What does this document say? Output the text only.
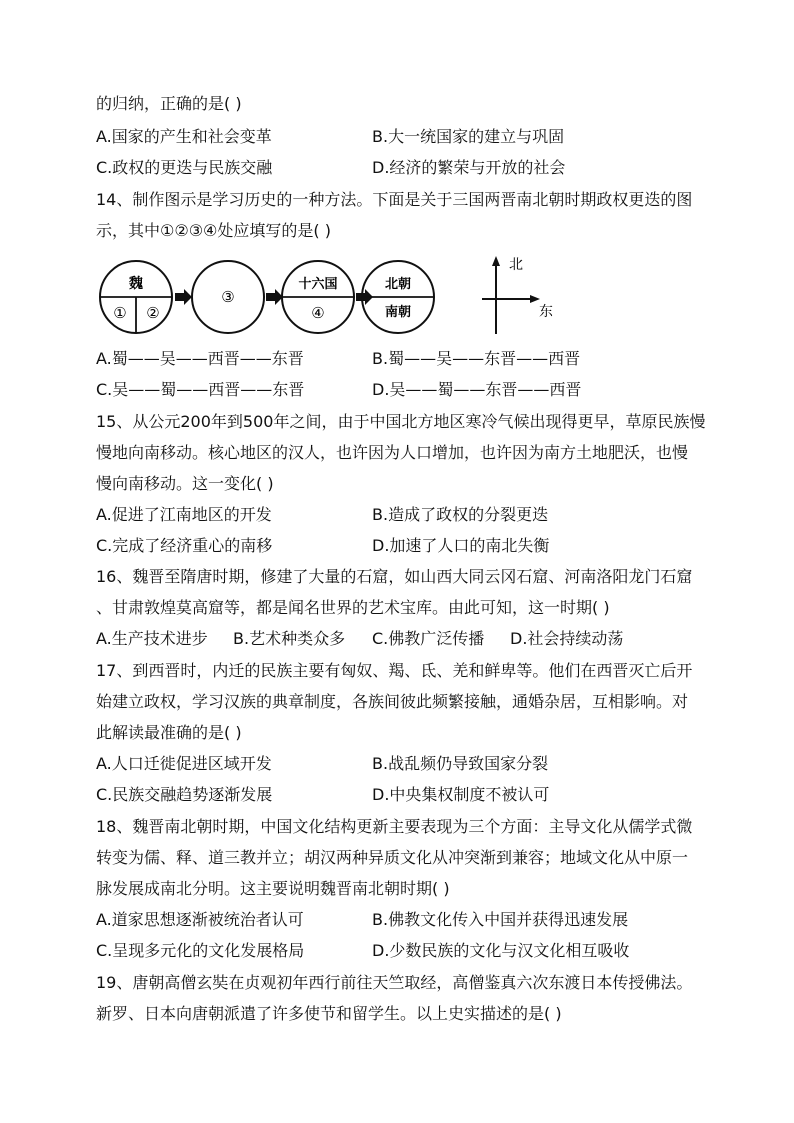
的归纳，正确的是( )
A.国家的产生和社会变革	B.大一统国家的建立与巩固
C.政权的更迭与民族交融	D.经济的繁荣与开放的社会
14、制作图示是学习历史的一种方法。下面是关于三国两晋南北朝时期政权更迭的图
示，其中①②③④处应填写的是( )
魏
① ②
③
十六国
④
北朝
南朝
北
东
A.蜀——吴——西晋——东晋	B.蜀——吴——东晋——西晋
C.吴——蜀——西晋——东晋	D.吴——蜀——东晋——西晋
15、从公元200年到500年之间，由于中国北方地区寒冷气候出现得更早，草原民族慢
慢地向南移动。核心地区的汉人，也许因为人口增加，也许因为南方土地肥沃，也慢
慢向南移动。这一变化( )
A.促进了江南地区的开发	B.造成了政权的分裂更迭
C.完成了经济重心的南移	D.加速了人口的南北失衡
16、魏晋至隋唐时期，修建了大量的石窟，如山西大同云冈石窟、河南洛阳龙门石窟
、甘肃敦煌莫高窟等，都是闻名世界的艺术宝库。由此可知，这一时期( )
A.生产技术进步 B.艺术种类众多 C.佛教广泛传播 D.社会持续动荡
17、到西晋时，内迁的民族主要有匈奴、羯、氐、羌和鲜卑等。他们在西晋灭亡后开
始建立政权，学习汉族的典章制度，各族间彼此频繁接触，通婚杂居，互相影响。对
此解读最准确的是( )
A.人口迁徙促进区域开发	B.战乱频仍导致国家分裂
C.民族交融趋势逐渐发展	D.中央集权制度不被认可
18、魏晋南北朝时期，中国文化结构更新主要表现为三个方面：主导文化从儒学式微
转变为儒、释、道三教并立；胡汉两种异质文化从冲突渐到兼容；地域文化从中原一
脉发展成南北分明。这主要说明魏晋南北朝时期( )
A.道家思想逐渐被统治者认可	B.佛教文化传入中国并获得迅速发展
C.呈现多元化的文化发展格局	D.少数民族的文化与汉文化相互吸收
19、唐朝高僧玄奘在贞观初年西行前往天竺取经，高僧鉴真六次东渡日本传授佛法。
新罗、日本向唐朝派遣了许多使节和留学生。以上史实描述的是( )
